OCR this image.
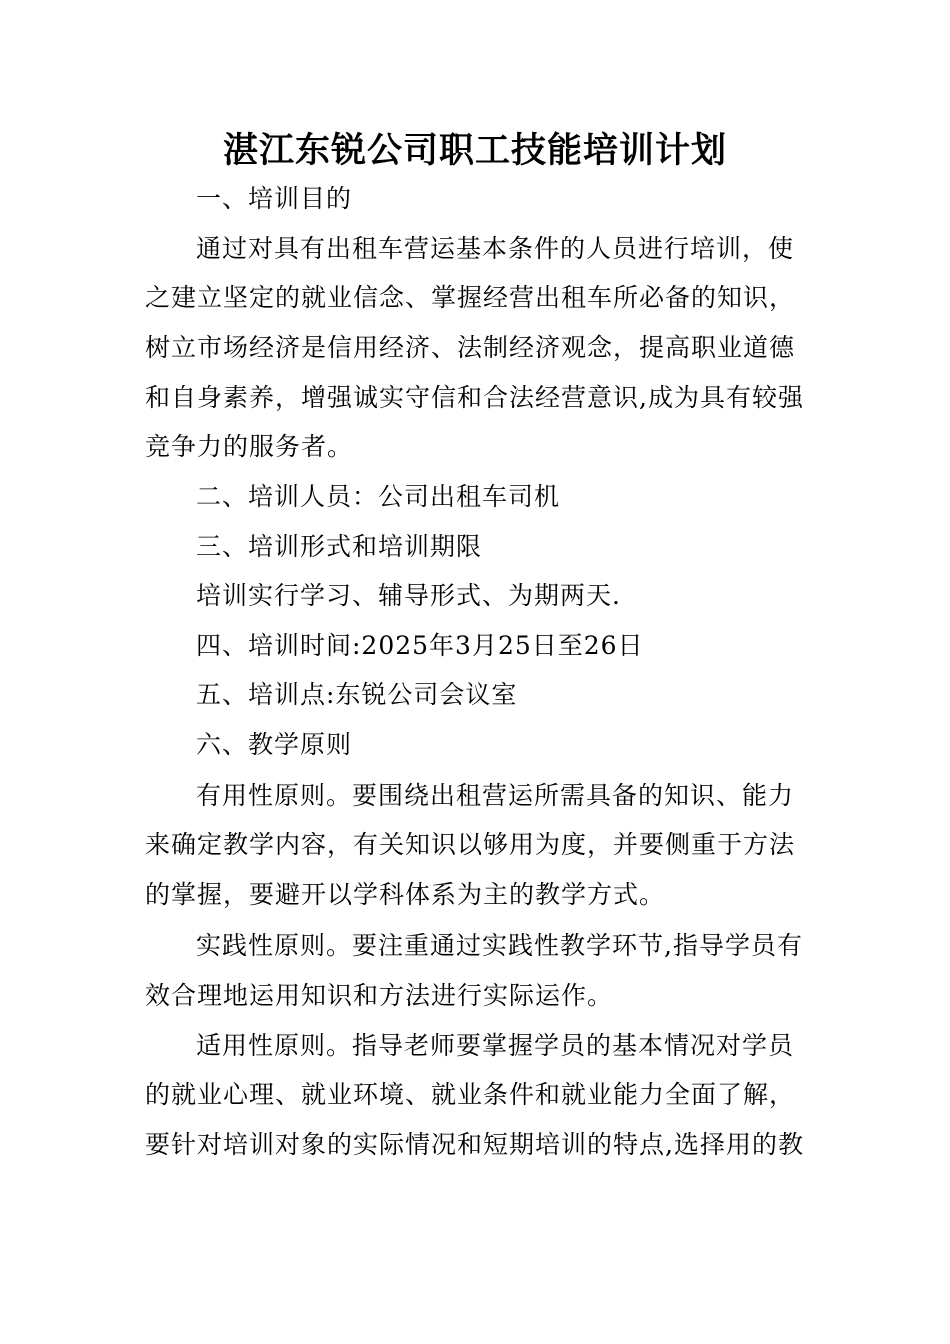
湛江东锐公司职工技能培训计划
一、培训目的
通过对具有出租车营运基本条件的人员进行培训，使
之建立坚定的就业信念、掌握经营出租车所必备的知识，
树立市场经济是信用经济、法制经济观念，提高职业道德
和自身素养，增强诚实守信和合法经营意识,成为具有较强
竞争力的服务者。
二、培训人员：公司出租车司机
三、培训形式和培训期限
培训实行学习、辅导形式、为期两天.
四、培训时间:2025年3月25日至26日
五、培训点:东锐公司会议室
六、教学原则
有用性原则。要围绕出租营运所需具备的知识、能力
来确定教学内容，有关知识以够用为度，并要侧重于方法
的掌握，要避开以学科体系为主的教学方式。
实践性原则。要注重通过实践性教学环节,指导学员有
效合理地运用知识和方法进行实际运作。
适用性原则。指导老师要掌握学员的基本情况对学员
的就业心理、就业环境、就业条件和就业能力全面了解，
要针对培训对象的实际情况和短期培训的特点,选择用的教
